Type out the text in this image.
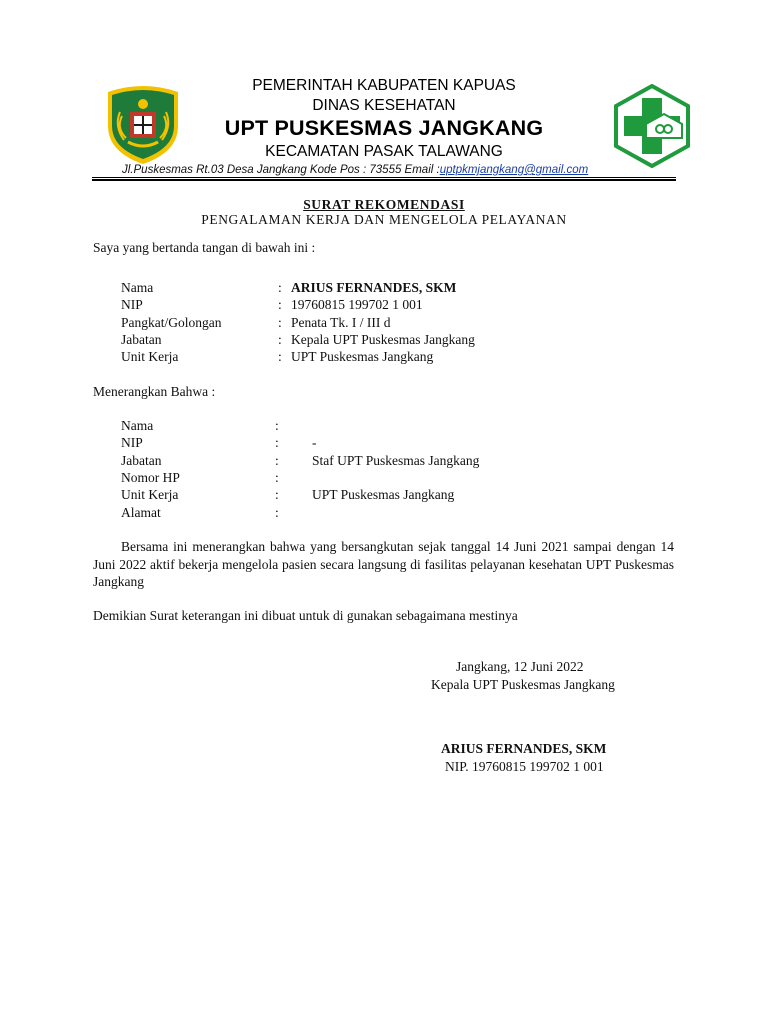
PEMERINTAH KABUPATEN KAPUAS
DINAS KESEHATAN
UPT PUSKESMAS JANGKANG
KECAMATAN PASAK TALAWANG
Jl.Puskesmas Rt.03 Desa Jangkang Kode Pos : 73555 Email :uptpkmjangkang@gmail.com
SURAT REKOMENDASI
PENGALAMAN KERJA DAN MENGELOLA PELAYANAN
Saya yang bertanda tangan di bawah ini :
Nama	: ARIUS FERNANDES, SKM
NIP	: 19760815 199702 1 001
Pangkat/Golongan	: Penata Tk. I / III d
Jabatan	: Kepala UPT Puskesmas Jangkang
Unit Kerja	: UPT Puskesmas Jangkang
Menerangkan Bahwa :
Nama	:
NIP	: -
Jabatan	: Staf UPT Puskesmas Jangkang
Nomor HP	:
Unit Kerja	: UPT Puskesmas Jangkang
Alamat	:
Bersama ini menerangkan bahwa yang bersangkutan sejak tanggal 14 Juni 2021 sampai dengan 14 Juni 2022 aktif bekerja mengelola pasien secara langsung di fasilitas pelayanan kesehatan UPT Puskesmas Jangkang
Demikian Surat keterangan ini dibuat untuk di gunakan sebagaimana mestinya
Jangkang, 12 Juni 2022
Kepala UPT Puskesmas Jangkang
ARIUS FERNANDES, SKM
NIP. 19760815 199702 1 001
